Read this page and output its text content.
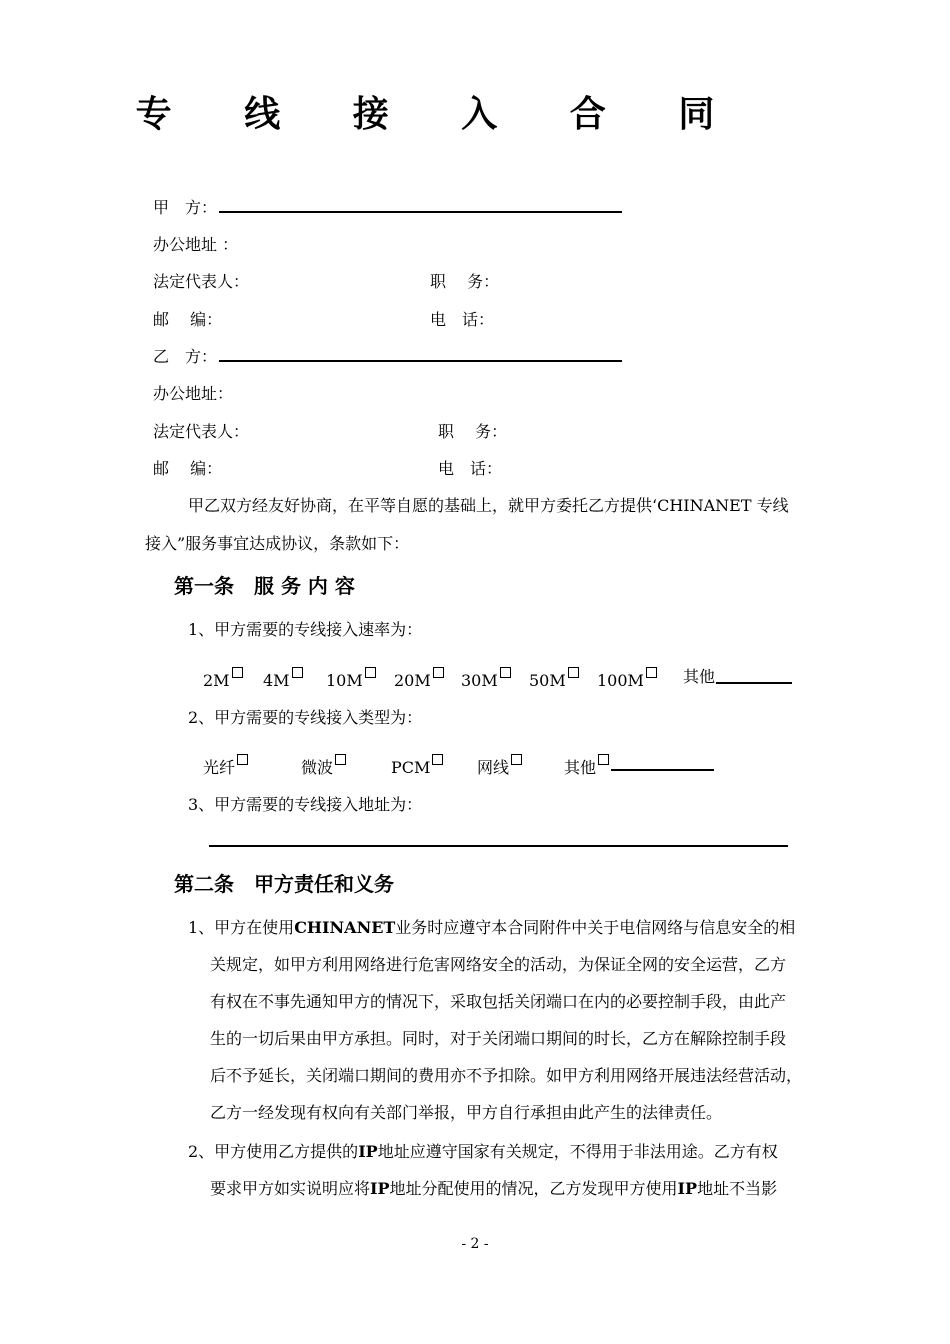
专 线 接 入 合 同
甲　方：
办公地址 ：
法定代表人：	职　 务：
邮　 编：	电　话：
乙　方：
办公地址：
法定代表人：	职　 务：
邮　 编：	电　话：
甲乙双方经友好协商，在平等自愿的基础上，就甲方委托乙方提供‘CHINANET 专线
接入”服务事宜达成协议，条款如下：
第一条　服 务 内 容
1、甲方需要的专线接入速率为：
2M	4M	10M	20M	30M	50M	100M	其他
2、甲方需要的专线接入类型为：
光纤	微波	PCM	网线	其他
3、甲方需要的专线接入地址为：
第二条　甲方责任和义务
1、甲方在使用CHINANET业务时应遵守本合同附件中关于电信网络与信息安全的相
关规定，如甲方利用网络进行危害网络安全的活动，为保证全网的安全运营，乙方
有权在不事先通知甲方的情况下，采取包括关闭端口在内的必要控制手段，由此产
生的一切后果由甲方承担。同时，对于关闭端口期间的时长，乙方在解除控制手段
后不予延长，关闭端口期间的费用亦不予扣除。如甲方利用网络开展违法经营活动，
乙方一经发现有权向有关部门举报，甲方自行承担由此产生的法律责任。
2、甲方使用乙方提供的IP地址应遵守国家有关规定，不得用于非法用途。乙方有权
要求甲方如实说明应将IP地址分配使用的情况，乙方发现甲方使用IP地址不当影
- 2 -
